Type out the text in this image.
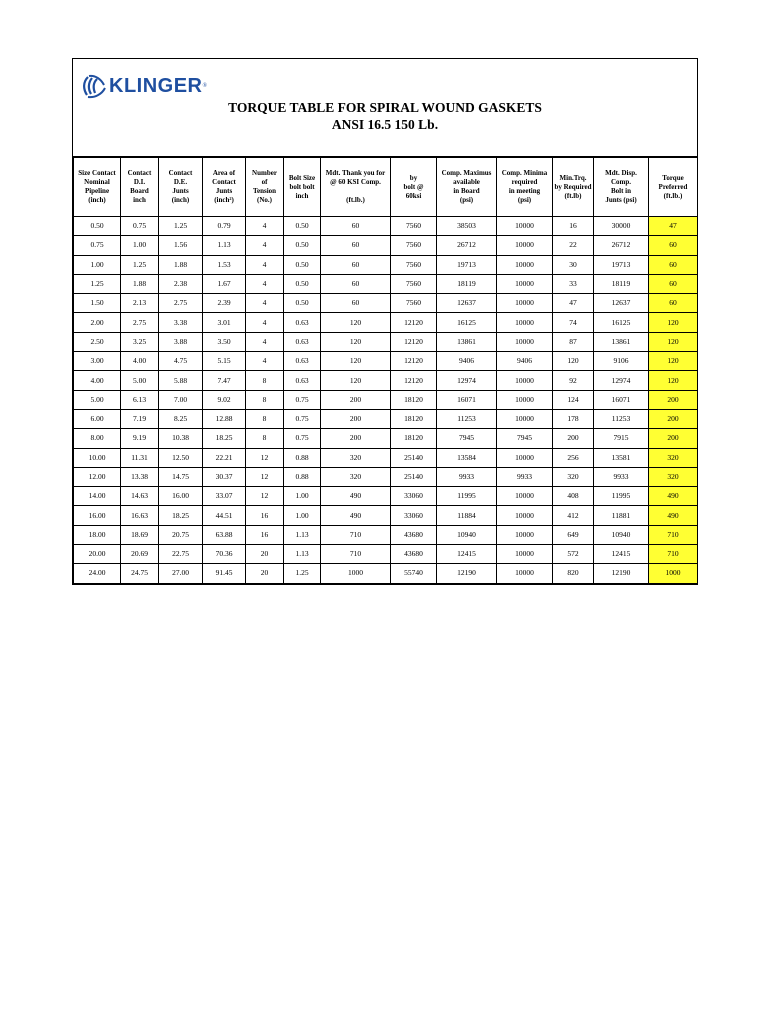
KLINGER ®
TORQUE TABLE FOR SPIRAL WOUND GASKETS
ANSI 16.5 150 Lb.
Size Contact
Nominal
Pipeline
(inch)	Contact
D.I.
Board
inch	Contact
D.E.
Junts
(inch)	Area of
Contact
Junts
(inch²)	Number
of
Tension
(No.)	Bolt Size
bolt bolt
inch	Mdt. Thank you for
@ 60 KSI Comp.

(ft.lb.)	by
bolt @
60ksi	Comp. Maximus
available
in Board
(psi)	Comp. Minima
required
in meeting
(psi)	Min.Trq.
by Required
(ft.lb)	Mdt. Disp.
Comp.
Bolt in
Junts (psi)	Torque
Preferred
(ft.lb.)

0.50	0.75	1.25	0.79	4	0.50	60	7560	38503	10000	16	30000	47
0.75	1.00	1.56	1.13	4	0.50	60	7560	26712	10000	22	26712	60
1.00	1.25	1.88	1.53	4	0.50	60	7560	19713	10000	30	19713	60
1.25	1.88	2.38	1.67	4	0.50	60	7560	18119	10000	33	18119	60
1.50	2.13	2.75	2.39	4	0.50	60	7560	12637	10000	47	12637	60
2.00	2.75	3.38	3.01	4	0.63	120	12120	16125	10000	74	16125	120
2.50	3.25	3.88	3.50	4	0.63	120	12120	13861	10000	87	13861	120
3.00	4.00	4.75	5.15	4	0.63	120	12120	9406	9406	120	9106	120
4.00	5.00	5.88	7.47	8	0.63	120	12120	12974	10000	92	12974	120
5.00	6.13	7.00	9.02	8	0.75	200	18120	16071	10000	124	16071	200
6.00	7.19	8.25	12.88	8	0.75	200	18120	11253	10000	178	11253	200
8.00	9.19	10.38	18.25	8	0.75	200	18120	7945	7945	200	7915	200
10.00	11.31	12.50	22.21	12	0.88	320	25140	13584	10000	256	13581	320
12.00	13.38	14.75	30.37	12	0.88	320	25140	9933	9933	320	9933	320
14.00	14.63	16.00	33.07	12	1.00	490	33060	11995	10000	408	11995	490
16.00	16.63	18.25	44.51	16	1.00	490	33060	11884	10000	412	11881	490
18.00	18.69	20.75	63.88	16	1.13	710	43680	10940	10000	649	10940	710
20.00	20.69	22.75	70.36	20	1.13	710	43680	12415	10000	572	12415	710
24.00	24.75	27.00	91.45	20	1.25	1000	55740	12190	10000	820	12190	1000
